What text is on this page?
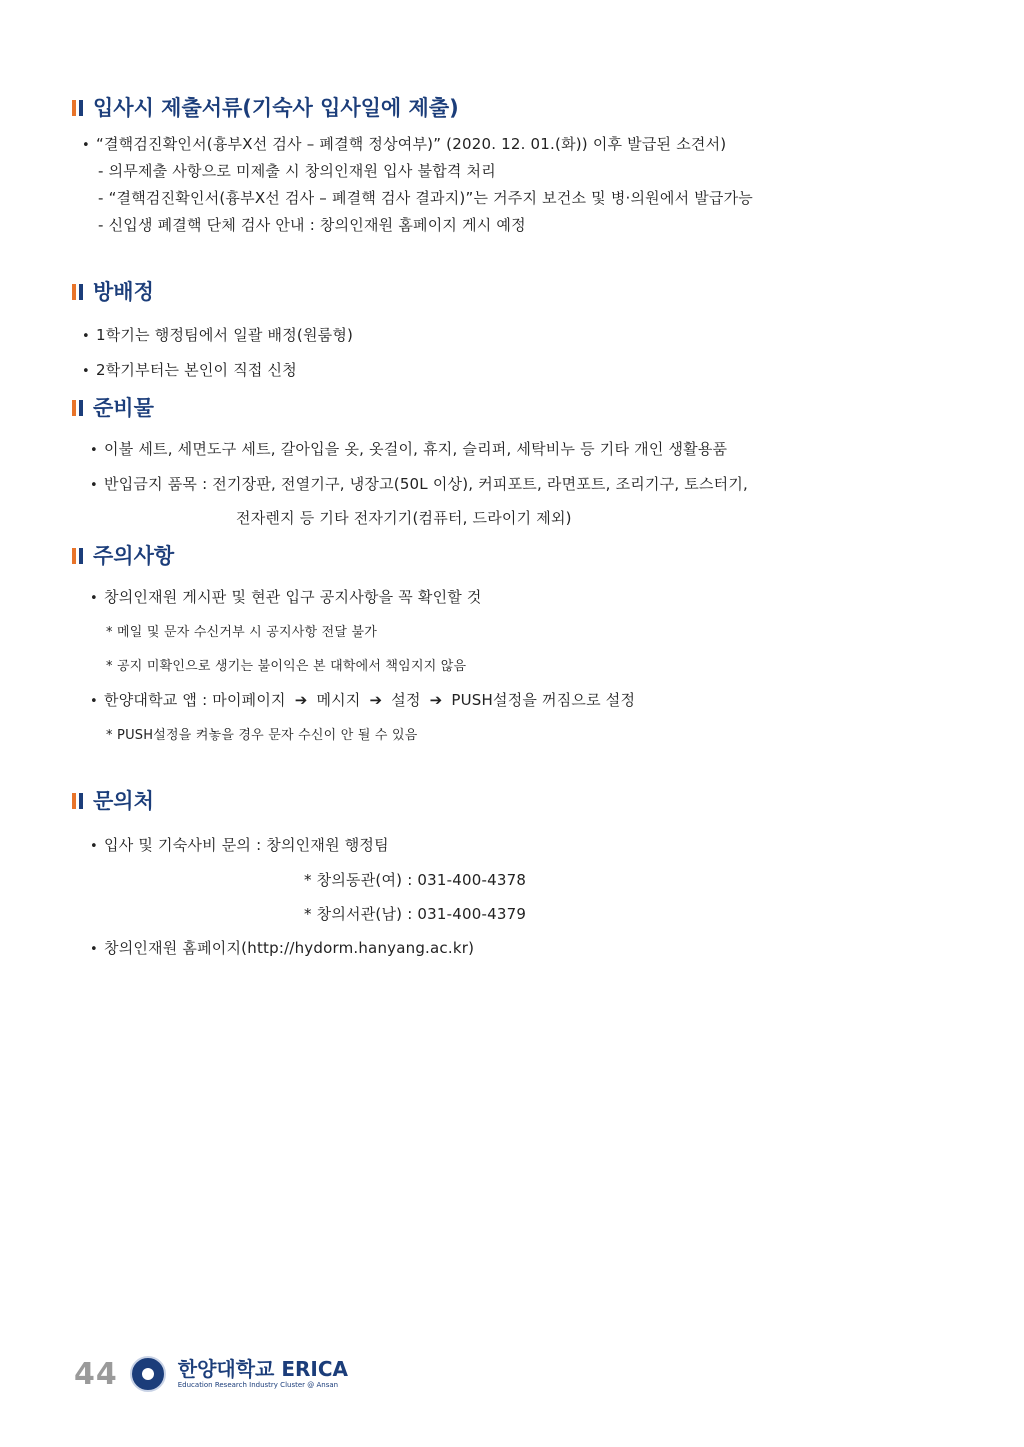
입사시 제출서류(기숙사 입사일에 제출)
• “결핵검진확인서(흉부X선 검사 – 폐결핵 정상여부)” (2020. 12. 01.(화)) 이후 발급된 소견서)
- 의무제출 사항으로 미제출 시 창의인재원 입사 불합격 처리
- “결핵검진확인서(흉부X선 검사 – 폐결핵 검사 결과지)”는 거주지 보건소 및 병·의원에서 발급가능
- 신입생 폐결핵 단체 검사 안내 : 창의인재원 홈페이지 게시 예정
방배정
• 1학기는 행정팀에서 일괄 배정(원룸형)
• 2학기부터는 본인이 직접 신청
준비물
• 이불 세트, 세면도구 세트, 갈아입을 옷, 옷걸이, 휴지, 슬리퍼, 세탁비누 등 기타 개인 생활용품
• 반입금지 품목 : 전기장판, 전열기구, 냉장고(50L 이상), 커피포트, 라면포트, 조리기구, 토스터기,
전자렌지 등 기타 전자기기(컴퓨터, 드라이기 제외)
주의사항
• 창의인재원 게시판 및 현관 입구 공지사항을 꼭 확인할 것
* 메일 및 문자 수신거부 시 공지사항 전달 불가
* 공지 미확인으로 생기는 불이익은 본 대학에서 책임지지 않음
• 한양대학교 앱 : 마이페이지 ➔ 메시지 ➔ 설정 ➔ PUSH설정을 꺼짐으로 설정
* PUSH설정을 켜놓을 경우 문자 수신이 안 될 수 있음
문의처
• 입사 및 기숙사비 문의 : 창의인재원 행정팀
* 창의동관(여) : 031-400-4378
* 창의서관(남) : 031-400-4379
• 창의인재원 홈페이지(http://hydorm.hanyang.ac.kr)
44	한양대학교 ERICA
Education Research Industry Cluster @ Ansan
